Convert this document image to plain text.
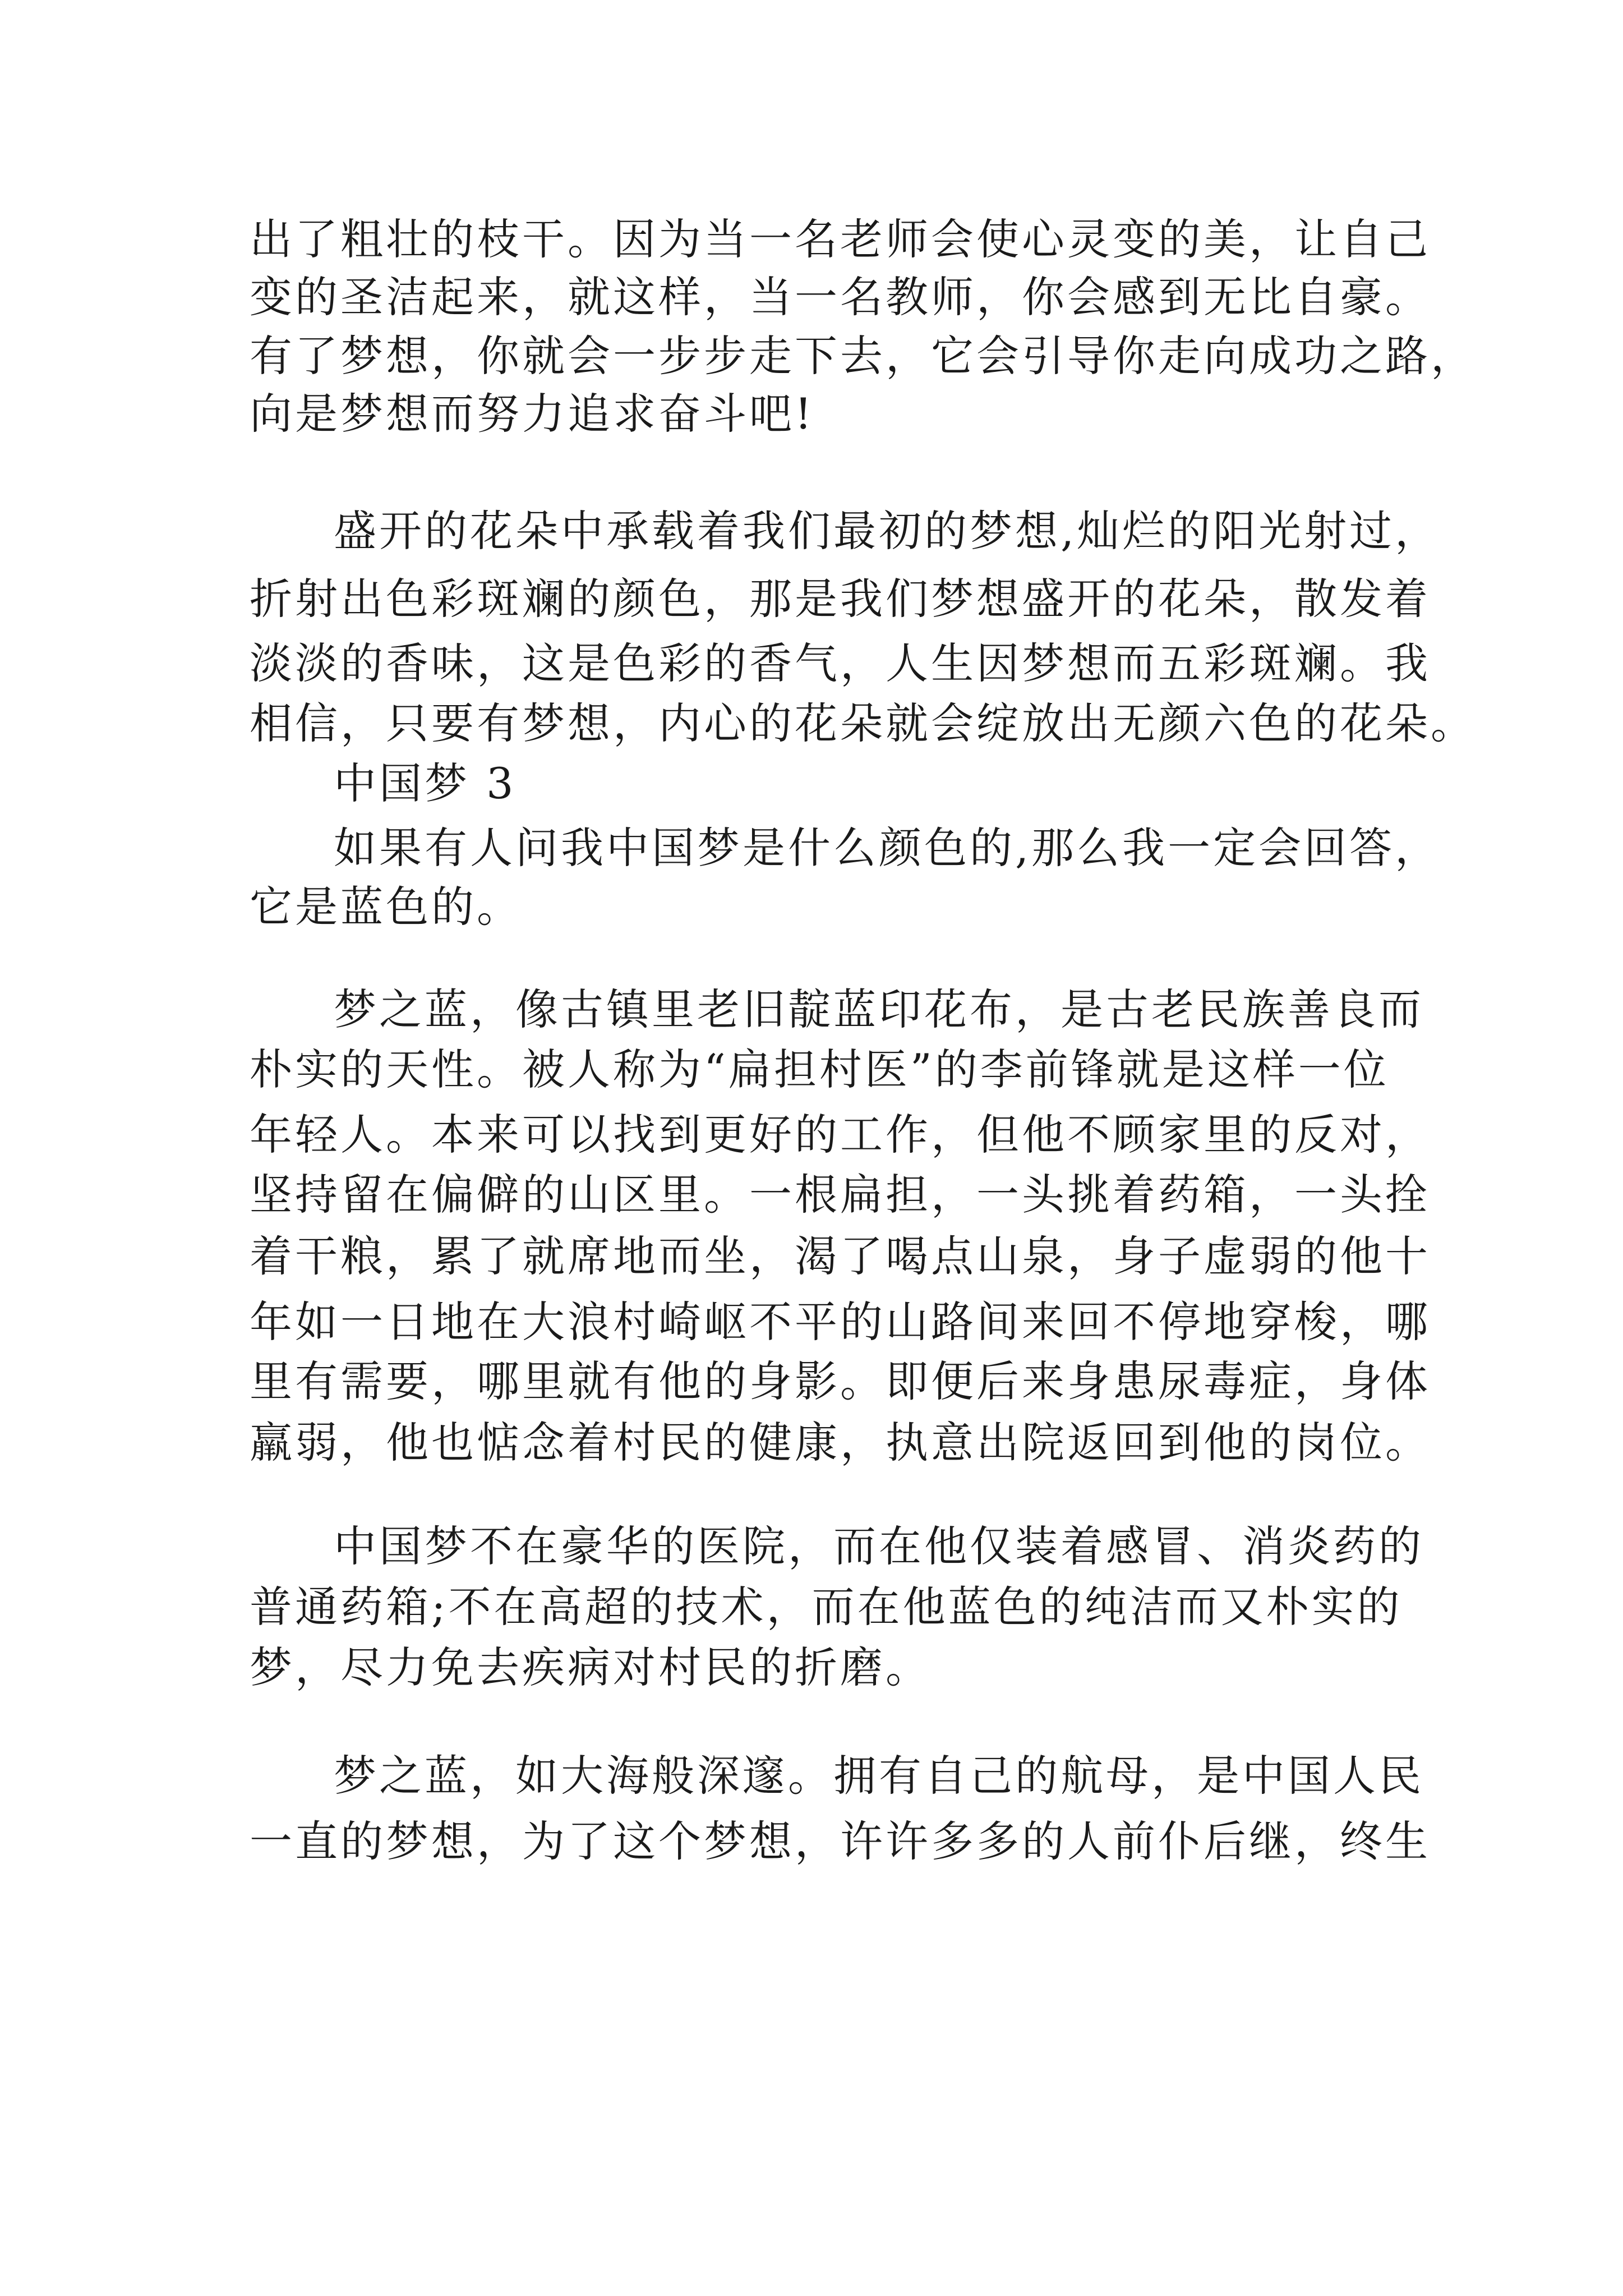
出了粗壮的枝干。因为当一名老师会使心灵变的美，让自己
变的圣洁起来，就这样，当一名教师，你会感到无比自豪。
有了梦想，你就会一步步走下去，它会引导你走向成功之路，
向是梦想而努力追求奋斗吧!
盛开的花朵中承载着我们最初的梦想,灿烂的阳光射过，
折射出色彩斑斓的颜色，那是我们梦想盛开的花朵，散发着
淡淡的香味，这是色彩的香气，人生因梦想而五彩斑斓。我
相信，只要有梦想，内心的花朵就会绽放出无颜六色的花朵。
中国梦 3
如果有人问我中国梦是什么颜色的,那么我一定会回答，
它是蓝色的。
梦之蓝，像古镇里老旧靛蓝印花布，是古老民族善良而
朴实的天性。被人称为“扁担村医”的李前锋就是这样一位
年轻人。本来可以找到更好的工作，但他不顾家里的反对，
坚持留在偏僻的山区里。一根扁担，一头挑着药箱，一头拴
着干粮，累了就席地而坐，渴了喝点山泉，身子虚弱的他十
年如一日地在大浪村崎岖不平的山路间来回不停地穿梭，哪
里有需要，哪里就有他的身影。即便后来身患尿毒症，身体
羸弱，他也惦念着村民的健康，执意出院返回到他的岗位。
中国梦不在豪华的医院，而在他仅装着感冒、消炎药的
普通药箱;不在高超的技术，而在他蓝色的纯洁而又朴实的
梦，尽力免去疾病对村民的折磨。
梦之蓝，如大海般深邃。拥有自己的航母，是中国人民
一直的梦想，为了这个梦想，许许多多的人前仆后继，终生
